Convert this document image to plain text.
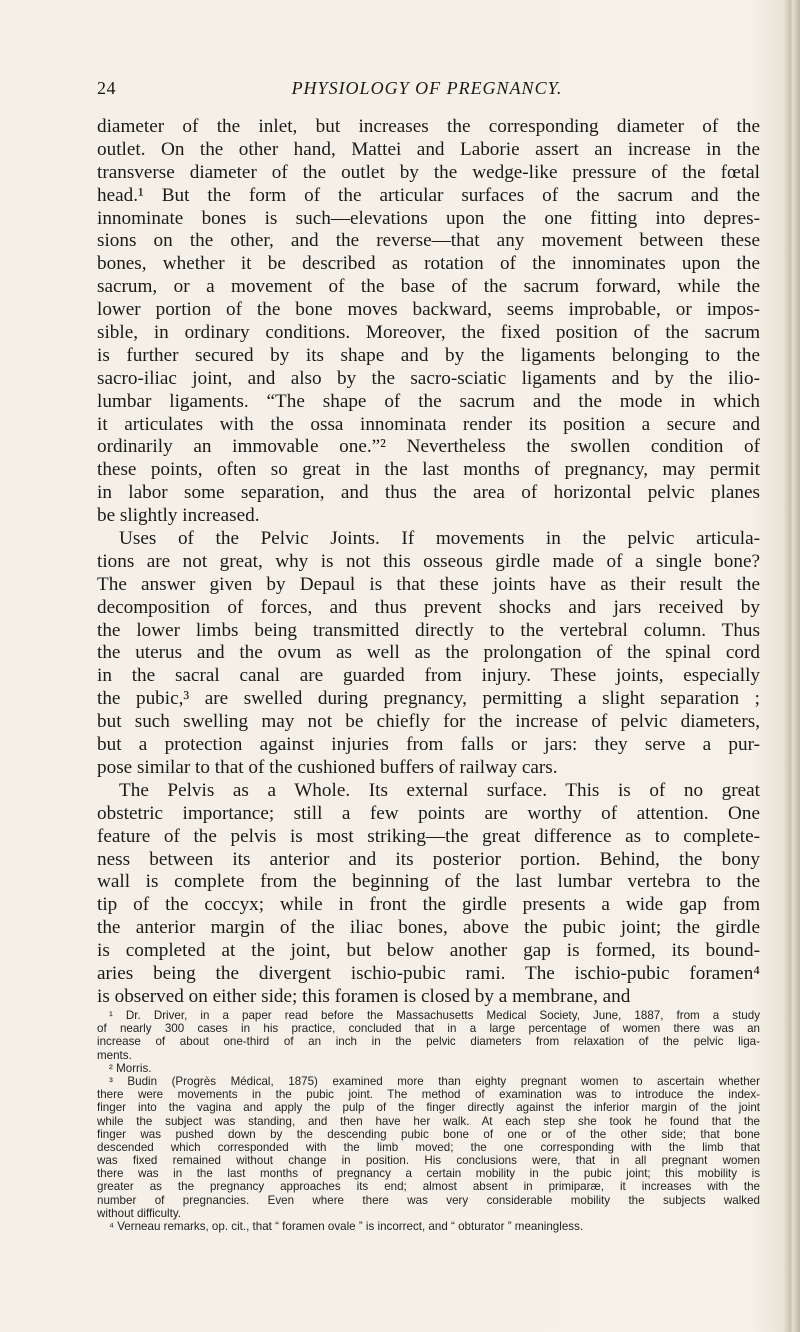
24	PHYSIOLOGY OF PREGNANCY.
diameter of the inlet, but increases the corresponding diameter of the
outlet. On the other hand, Mattei and Laborie assert an increase in the
transverse diameter of the outlet by the wedge-like pressure of the fœtal
head.¹ But the form of the articular surfaces of the sacrum and the
innominate bones is such—elevations upon the one fitting into depres-
sions on the other, and the reverse—that any movement between these
bones, whether it be described as rotation of the innominates upon the
sacrum, or a movement of the base of the sacrum forward, while the
lower portion of the bone moves backward, seems improbable, or impos-
sible, in ordinary conditions. Moreover, the fixed position of the sacrum
is further secured by its shape and by the ligaments belonging to the
sacro-iliac joint, and also by the sacro-sciatic ligaments and by the ilio-
lumbar ligaments. “The shape of the sacrum and the mode in which
it articulates with the ossa innominata render its position a secure and
ordinarily an immovable one.”² Nevertheless the swollen condition of
these points, often so great in the last months of pregnancy, may permit
in labor some separation, and thus the area of horizontal pelvic planes
be slightly increased.
Uses of the Pelvic Joints. If movements in the pelvic articula-
tions are not great, why is not this osseous girdle made of a single bone?
The answer given by Depaul is that these joints have as their result the
decomposition of forces, and thus prevent shocks and jars received by
the lower limbs being transmitted directly to the vertebral column. Thus
the uterus and the ovum as well as the prolongation of the spinal cord
in the sacral canal are guarded from injury. These joints, especially
the pubic,³ are swelled during pregnancy, permitting a slight separation ;
but such swelling may not be chiefly for the increase of pelvic diameters,
but a protection against injuries from falls or jars: they serve a pur-
pose similar to that of the cushioned buffers of railway cars.
The Pelvis as a Whole. Its external surface. This is of no great
obstetric importance; still a few points are worthy of attention. One
feature of the pelvis is most striking—the great difference as to complete-
ness between its anterior and its posterior portion. Behind, the bony
wall is complete from the beginning of the last lumbar vertebra to the
tip of the coccyx; while in front the girdle presents a wide gap from
the anterior margin of the iliac bones, above the pubic joint; the girdle
is completed at the joint, but below another gap is formed, its bound-
aries being the divergent ischio-pubic rami. The ischio-pubic foramen⁴
is observed on either side; this foramen is closed by a membrane, and
¹ Dr. Driver, in a paper read before the Massachusetts Medical Society, June, 1887, from a study
of nearly 300 cases in his practice, concluded that in a large percentage of women there was an
increase of about one-third of an inch in the pelvic diameters from relaxation of the pelvic liga-
ments.
² Morris.
³ Budin (Progrès Médical, 1875) examined more than eighty pregnant women to ascertain whether
there were movements in the pubic joint. The method of examination was to introduce the index-
finger into the vagina and apply the pulp of the finger directly against the inferior margin of the joint
while the subject was standing, and then have her walk. At each step she took he found that the
finger was pushed down by the descending pubic bone of one or of the other side; that bone
descended which corresponded with the limb moved; the one corresponding with the limb that
was fixed remained without change in position. His conclusions were, that in all pregnant women
there was in the last months of pregnancy a certain mobility in the pubic joint; this mobility is
greater as the pregnancy approaches its end; almost absent in primiparæ, it increases with the
number of pregnancies. Even where there was very considerable mobility the subjects walked
without difficulty.
⁴ Verneau remarks, op. cit., that “ foramen ovale ” is incorrect, and “ obturator ” meaningless.
